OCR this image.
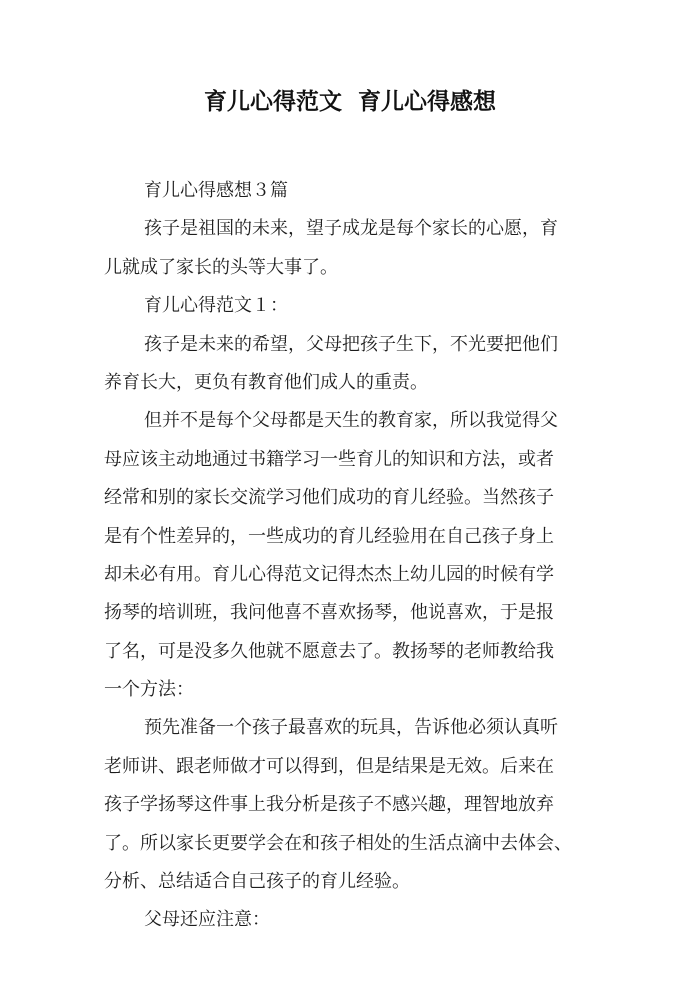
育儿心得范文  育儿心得感想
育儿心得感想３篇
孩子是祖国的未来，望子成龙是每个家长的心愿，育
儿就成了家长的头等大事了。
育儿心得范文１：
孩子是未来的希望，父母把孩子生下，不光要把他们
养育长大，更负有教育他们成人的重责。
但并不是每个父母都是天生的教育家，所以我觉得父
母应该主动地通过书籍学习一些育儿的知识和方法，或者
经常和别的家长交流学习他们成功的育儿经验。当然孩子
是有个性差异的，一些成功的育儿经验用在自己孩子身上
却未必有用。育儿心得范文记得杰杰上幼儿园的时候有学
扬琴的培训班，我问他喜不喜欢扬琴，他说喜欢，于是报
了名，可是没多久他就不愿意去了。教扬琴的老师教给我
一个方法：
预先准备一个孩子最喜欢的玩具，告诉他必须认真听
老师讲、跟老师做才可以得到，但是结果是无效。后来在
孩子学扬琴这件事上我分析是孩子不感兴趣，理智地放弃
了。所以家长更要学会在和孩子相处的生活点滴中去体会、
分析、总结适合自己孩子的育儿经验。
父母还应注意：
